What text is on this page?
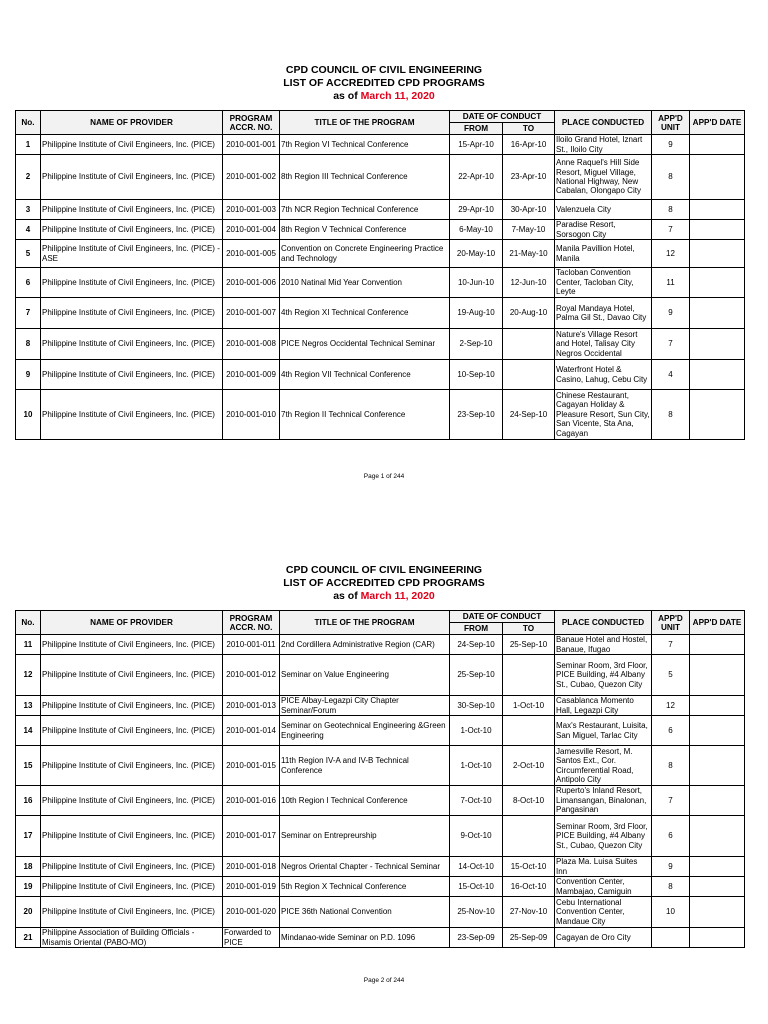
CPD COUNCIL OF CIVIL ENGINEERING
LIST OF ACCREDITED CPD PROGRAMS
as of March 11, 2020
No.	NAME OF PROVIDER	PROGRAM ACCR. NO.	TITLE OF THE PROGRAM	DATE OF CONDUCT		PLACE CONDUCTED	APP'D UNIT	APP'D DATE
				FROM	TO			
1	Philippine Institute of Civil Engineers, Inc. (PICE)	2010-001-001	7th Region VI Technical Conference	15-Apr-10	16-Apr-10	Iloilo Grand Hotel, Iznart St., Iloilo City	9	
2	Philippine Institute of Civil Engineers, Inc. (PICE)	2010-001-002	8th Region III Technical Conference	22-Apr-10	23-Apr-10	Anne Raquel's Hill Side Resort, Miguel Village, National Highway, New Cabalan, Olongapo City	8	
3	Philippine Institute of Civil Engineers, Inc. (PICE)	2010-001-003	7th NCR Region Technical Conference	29-Apr-10	30-Apr-10	Valenzuela City	8	
4	Philippine Institute of Civil Engineers, Inc. (PICE)	2010-001-004	8th Region V Technical Conference	6-May-10	7-May-10	Paradise Resort, Sorsogon City	7	
5	Philippine Institute of Civil Engineers, Inc. (PICE) - ASE	2010-001-005	Convention on Concrete Engineering Practice and Technology	20-May-10	21-May-10	Manila Pavillion Hotel, Manila	12	
6	Philippine Institute of Civil Engineers, Inc. (PICE)	2010-001-006	2010 Natinal Mid Year Convention	10-Jun-10	12-Jun-10	Tacloban Convention Center, Tacloban City, Leyte	11	
7	Philippine Institute of Civil Engineers, Inc. (PICE)	2010-001-007	4th Region XI Technical Conference	19-Aug-10	20-Aug-10	Royal Mandaya Hotel, Palma Gil St., Davao City	9	
8	Philippine Institute of Civil Engineers, Inc. (PICE)	2010-001-008	PICE Negros Occidental Technical Seminar	2-Sep-10		Nature's Village Resort and Hotel, Talisay City Negros Occidental	7	
9	Philippine Institute of Civil Engineers, Inc. (PICE)	2010-001-009	4th Region VII Technical Conference	10-Sep-10		Waterfront Hotel & Casino, Lahug, Cebu City	4	
10	Philippine Institute of Civil Engineers, Inc. (PICE)	2010-001-010	7th Region II Technical Conference	23-Sep-10	24-Sep-10	Chinese Restaurant, Cagayan Holiday & Pleasure Resort, Sun City, San Vicente, Sta Ana, Cagayan	8	
Page 1 of 244
CPD COUNCIL OF CIVIL ENGINEERING
LIST OF ACCREDITED CPD PROGRAMS
as of March 11, 2020
No.	NAME OF PROVIDER	PROGRAM ACCR. NO.	TITLE OF THE PROGRAM	DATE OF CONDUCT		PLACE CONDUCTED	APP'D UNIT	APP'D DATE
				FROM	TO			
11	Philippine Institute of Civil Engineers, Inc. (PICE)	2010-001-011	2nd Cordillera Administrative Region (CAR)	24-Sep-10	25-Sep-10	Banaue Hotel and Hostel, Banaue, Ifugao	7	
12	Philippine Institute of Civil Engineers, Inc. (PICE)	2010-001-012	Seminar on Value Engineering	25-Sep-10		Seminar Room, 3rd Floor, PICE Building, #4 Albany St., Cubao, Quezon City	5	
13	Philippine Institute of Civil Engineers, Inc. (PICE)	2010-001-013	PICE Albay-Legazpi City Chapter Seminar/Forum	30-Sep-10	1-Oct-10	Casablanca Momento Hall, Legazpi City	12	
14	Philippine Institute of Civil Engineers, Inc. (PICE)	2010-001-014	Seminar on Geotechnical Engineering &Green Engineering	1-Oct-10		Max's Restaurant, Luisita, San Miguel, Tarlac City	6	
15	Philippine Institute of Civil Engineers, Inc. (PICE)	2010-001-015	11th Region IV-A and IV-B Technical Conference	1-Oct-10	2-Oct-10	Jamesville Resort, M. Santos Ext., Cor. Circumferential Road, Antipolo City	8	
16	Philippine Institute of Civil Engineers, Inc. (PICE)	2010-001-016	10th Region I Technical Conference	7-Oct-10	8-Oct-10	Ruperto's Inland Resort, Limansangan, Binalonan, Pangasinan	7	
17	Philippine Institute of Civil Engineers, Inc. (PICE)	2010-001-017	Seminar on Entrepreurship	9-Oct-10		Seminar Room, 3rd Floor, PICE Building, #4 Albany St., Cubao, Quezon City	6	
18	Philippine Institute of Civil Engineers, Inc. (PICE)	2010-001-018	Negros Oriental Chapter - Technical Seminar	14-Oct-10	15-Oct-10	Plaza Ma. Luisa Suites Inn	9	
19	Philippine Institute of Civil Engineers, Inc. (PICE)	2010-001-019	5th Region X Technical Conference	15-Oct-10	16-Oct-10	Convention Center, Mambajao, Camiguin	8	
20	Philippine Institute of Civil Engineers, Inc. (PICE)	2010-001-020	PICE 36th National Convention	25-Nov-10	27-Nov-10	Cebu International Convention Center, Mandaue City	10	
21	Philippine Association of Building Officials - Misamis Oriental (PABO-MO)	Forwarded to PICE	Mindanao-wide Seminar on P.D. 1096	23-Sep-09	25-Sep-09	Cagayan de Oro City		
Page 2 of 244
